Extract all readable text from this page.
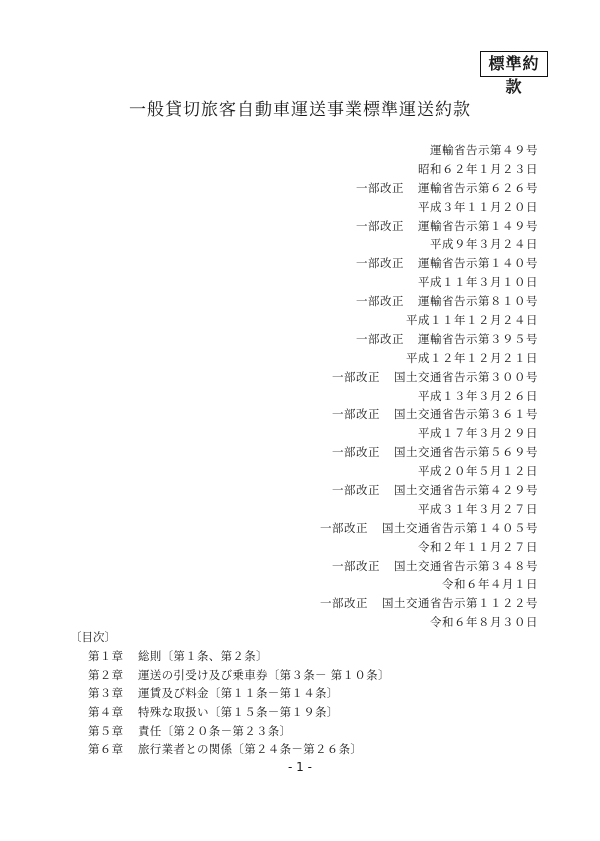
標準約款
一般貸切旅客自動車運送事業標準運送約款
運輸省告示第４９号
昭和６２年１月２３日
一部改正 運輸省告示第６２６号
平成３年１１月２０日
一部改正 運輸省告示第１４９号
平成９年３月２４日
一部改正 運輸省告示第１４０号
平成１１年３月１０日
一部改正 運輸省告示第８１０号
平成１１年１２月２４日
一部改正 運輸省告示第３９５号
平成１２年１２月２１日
一部改正 国土交通省告示第３００号
平成１３年３月２６日
一部改正 国土交通省告示第３６１号
平成１７年３月２９日
一部改正 国土交通省告示第５６９号
平成２０年５月１２日
一部改正 国土交通省告示第４２９号
平成３１年３月２７日
一部改正 国土交通省告示第１４０５号
令和２年１１月２７日
一部改正 国土交通省告示第３４８号
令和６年４月１日
一部改正 国土交通省告示第１１２２号
令和６年８月３０日
〔目次〕
第１章 総則〔第１条、第２条〕
第２章 運送の引受け及び乗車券〔第３条－ 第１０条〕
第３章 運賃及び料金〔第１１条－第１４条〕
第４章 特殊な取扱い〔第１５条－第１９条〕
第５章 責任〔第２０条－第２３条〕
第６章 旅行業者との関係〔第２４条－第２６条〕
- 1 -
